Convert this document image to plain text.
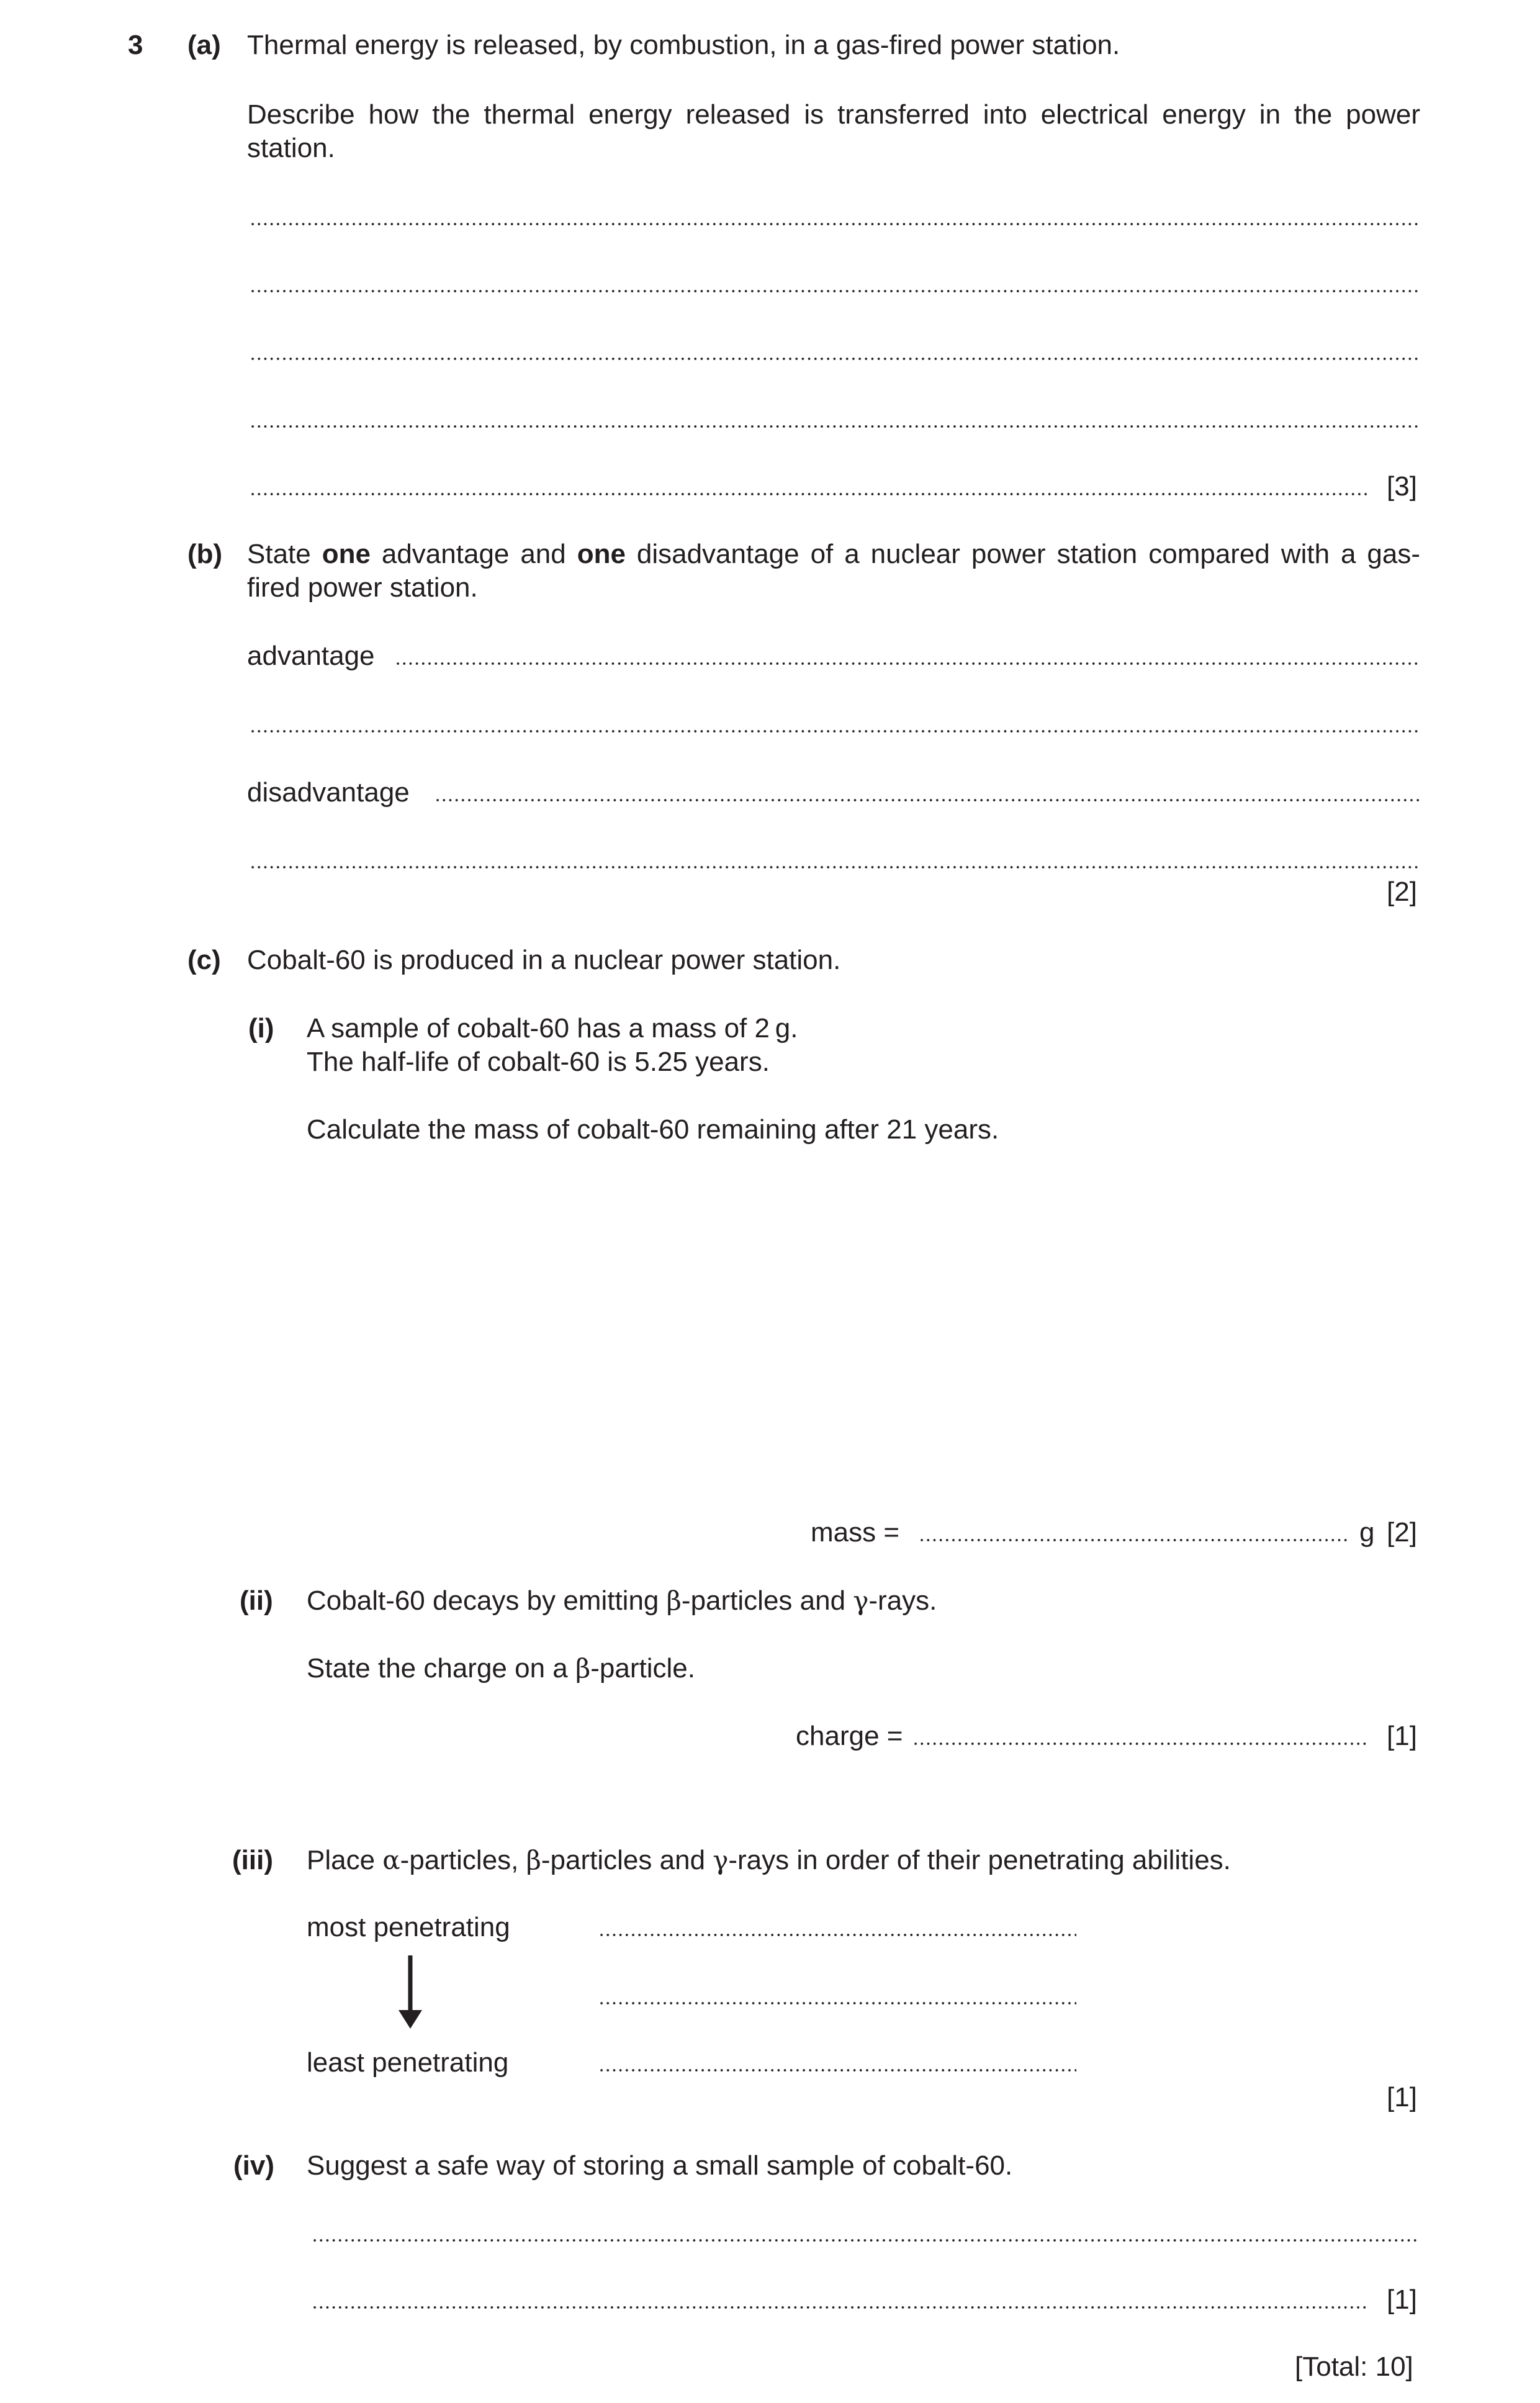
3 (a) Thermal energy is released, by combustion, in a gas-fired power station.
Describe how the thermal energy released is transferred into electrical energy in the power station.
[3]
(b) State one advantage and one disadvantage of a nuclear power station compared with a gas-fired power station.
advantage
disadvantage
[2]
(c) Cobalt-60 is produced in a nuclear power station.
(i) A sample of cobalt-60 has a mass of 2 g.
The half-life of cobalt-60 is 5.25 years.
Calculate the mass of cobalt-60 remaining after 21 years.
mass =	g [2]
(ii) Cobalt-60 decays by emitting β-particles and γ-rays.
State the charge on a β-particle.
charge =	[1]
(iii) Place α-particles, β-particles and γ-rays in order of their penetrating abilities.
most penetrating
least penetrating
[1]
(iv) Suggest a safe way of storing a small sample of cobalt-60.
[1]
[Total: 10]
